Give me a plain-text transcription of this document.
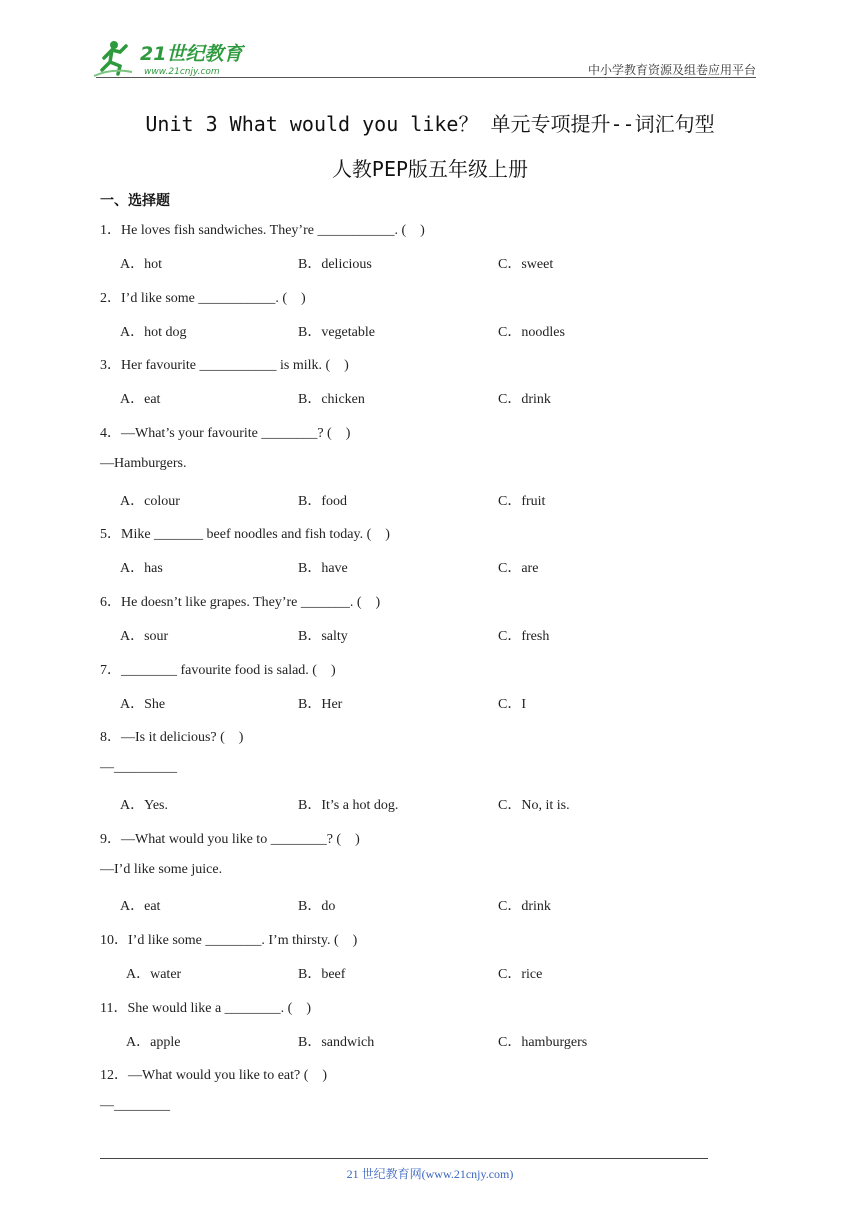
21世纪教育
www.21cnjy.com	中小学教育资源及组卷应用平台
Unit 3 What would you like？ 单元专项提升--词汇句型
人教PEP版五年级上册
一、选择题
1．He loves fish sandwiches. They’re ___________. (    )
A．hot	B．delicious	C．sweet
2．I’d like some ___________. (    )
A．hot dog	B．vegetable	C．noodles
3．Her favourite ___________ is milk. (    )
A．eat	B．chicken	C．drink
4．—What’s your favourite ________? (    )
—Hamburgers.
A．colour	B．food	C．fruit
5．Mike _______ beef noodles and fish today. (    )
A．has	B．have	C．are
6．He doesn’t like grapes. They’re _______. (    )
A．sour	B．salty	C．fresh
7．________ favourite food is salad. (    )
A．She	B．Her	C．I
8．—Is it delicious? (    )
—_________
A．Yes.	B．It’s a hot dog.	C．No, it is.
9．—What would you like to ________? (    )
—I’d like some juice.
A．eat	B．do	C．drink
10．I’d like some ________. I’m thirsty. (    )
A．water	B．beef	C．rice
11．She would like a ________. (    )
A．apple	B．sandwich	C．hamburgers
12．—What would you like to eat? (    )
—________
21 世纪教育网(www.21cnjy.com)
